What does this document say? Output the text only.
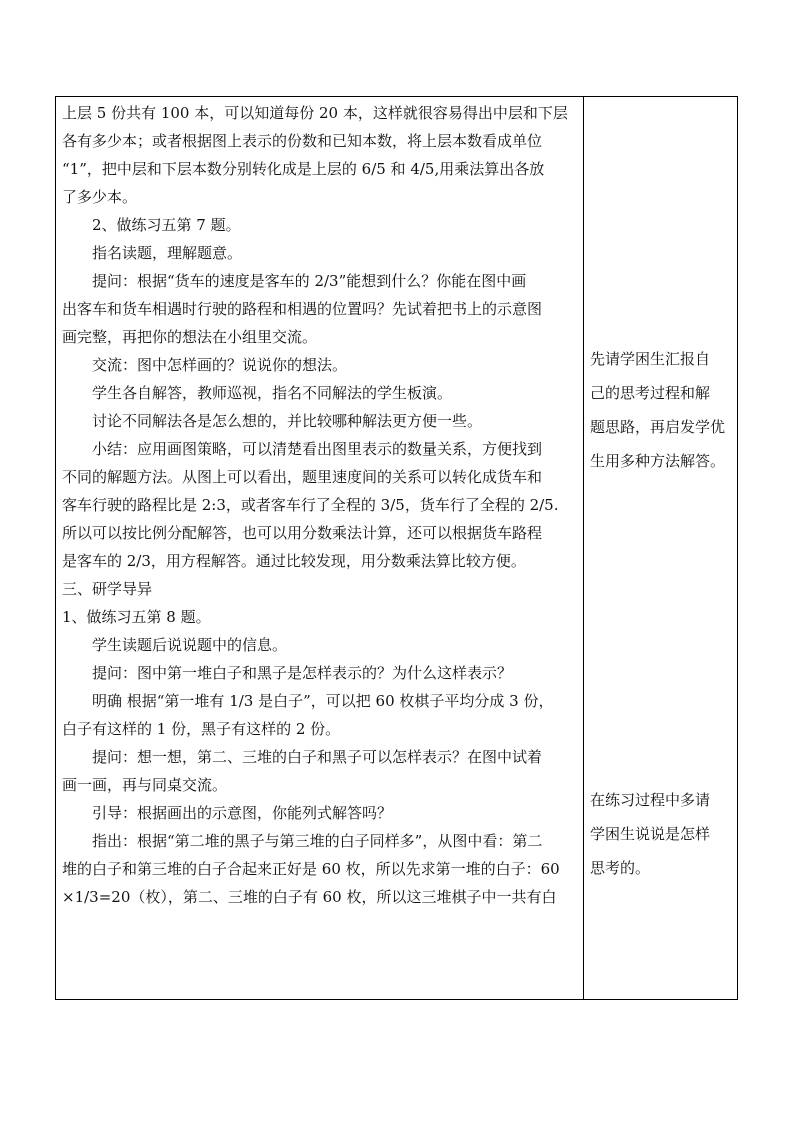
上层 5 份共有 100 本，可以知道每份 20 本，这样就很容易得出中层和下层
各有多少本；或者根据图上表示的份数和已知本数，将上层本数看成单位
“1”，把中层和下层本数分别转化成是上层的 6/5 和 4/5,用乘法算出各放
了多少本。
2、做练习五第 7 题。
指名读题，理解题意。
提问：根据“货车的速度是客车的 2/3”能想到什么？你能在图中画
出客车和货车相遇时行驶的路程和相遇的位置吗？先试着把书上的示意图
画完整，再把你的想法在小组里交流。
交流：图中怎样画的？说说你的想法。
学生各自解答，教师巡视，指名不同解法的学生板演。
讨论不同解法各是怎么想的，并比较哪种解法更方便一些。
小结：应用画图策略，可以清楚看出图里表示的数量关系，方便找到
不同的解题方法。从图上可以看出，题里速度间的关系可以转化成货车和
客车行驶的路程比是 2:3，或者客车行了全程的 3/5，货车行了全程的 2/5.
所以可以按比例分配解答，也可以用分数乘法计算，还可以根据货车路程
是客车的 2/3，用方程解答。通过比较发现，用分数乘法算比较方便。
三、研学导异
1、做练习五第 8 题。
学生读题后说说题中的信息。
提问：图中第一堆白子和黑子是怎样表示的？为什么这样表示？
明确 根据“第一堆有 1/3 是白子”，可以把 60 枚棋子平均分成 3 份，
白子有这样的 1 份，黑子有这样的 2 份。
提问：想一想，第二、三堆的白子和黑子可以怎样表示？在图中试着
画一画，再与同桌交流。
引导：根据画出的示意图，你能列式解答吗？
指出：根据“第二堆的黑子与第三堆的白子同样多”，从图中看：第二
堆的白子和第三堆的白子合起来正好是 60 枚，所以先求第一堆的白子：60
×1/3=20（枚），第二、三堆的白子有 60 枚，所以这三堆棋子中一共有白
先请学困生汇报自
己的思考过程和解
题思路，再启发学优
生用多种方法解答。
在练习过程中多请
学困生说说是怎样
思考的。
